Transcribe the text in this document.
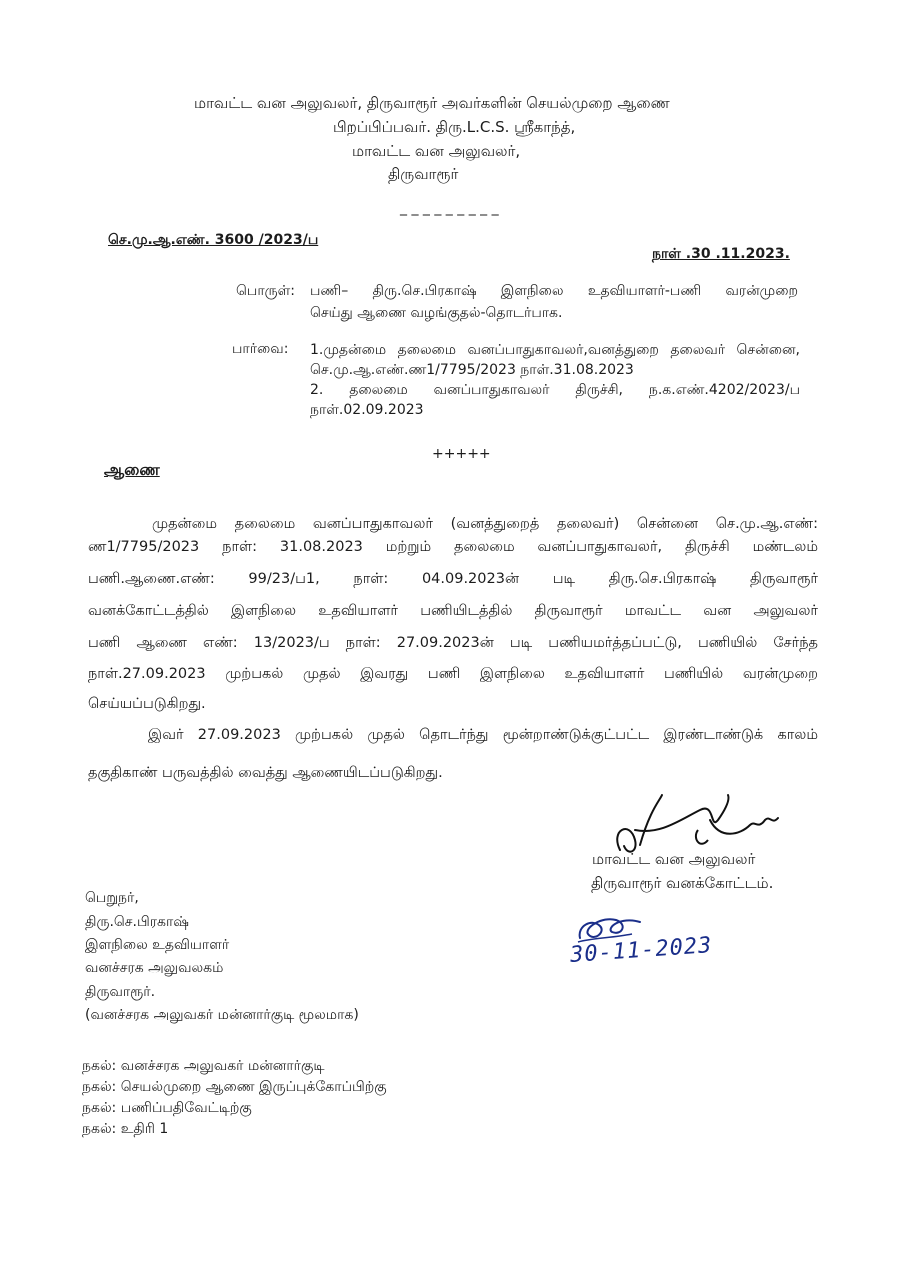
மாவட்ட வன அலுவலர், திருவாரூர் அவர்களின் செயல்முறை ஆணை
பிறப்பிப்பவர். திரு.L.C.S. ஸ்ரீகாந்த்,
மாவட்ட வன அலுவலர்,
திருவாரூர்
_ _ _ _ _ _ _ _ _
செ.மு.ஆ.எண். 3600 /2023/ப
நாள் .30 .11.2023.
பொருள்: பணி– திரு.செ.பிரகாஷ் இளநிலை உதவியாளர்-பணி வரன்முறை
செய்து ஆணை வழங்குதல்-தொடர்பாக.
பார்வை: 1.முதன்மை தலைமை வனப்பாதுகாவலர்,வனத்துறை தலைவர் சென்னை,
செ.மு.ஆ.எண்.ண1/7795/2023 நாள்.31.08.2023
2. தலைமை வனப்பாதுகாவலர் திருச்சி, ந.க.எண்.4202/2023/ப
நாள்.02.09.2023
+++++
ஆணை
முதன்மை தலைமை வனப்பாதுகாவலர் (வனத்துறைத் தலைவர்) சென்னை செ.மு.ஆ.எண்:
ண1/7795/2023 நாள்: 31.08.2023 மற்றும் தலைமை வனப்பாதுகாவலர், திருச்சி மண்டலம்
பணி.ஆணை.எண்: 99/23/ப1, நாள்: 04.09.2023ன் படி திரு.செ.பிரகாஷ் திருவாரூர்
வனக்கோட்டத்தில் இளநிலை உதவியாளர் பணியிடத்தில் திருவாரூர் மாவட்ட வன அலுவலர்
பணி ஆணை எண்: 13/2023/ப நாள்: 27.09.2023ன் படி பணியமர்த்தப்பட்டு, பணியில் சேர்ந்த
நாள்.27.09.2023 முற்பகல் முதல் இவரது பணி இளநிலை உதவியாளர் பணியில் வரன்முறை
செய்யப்படுகிறது.
இவர் 27.09.2023 முற்பகல் முதல் தொடர்ந்து மூன்றாண்டுக்குட்பட்ட இரண்டாண்டுக் காலம்
தகுதிகாண் பருவத்தில் வைத்து ஆணையிடப்படுகிறது.
மாவட்ட வன அலுவலர்
திருவாரூர் வனக்கோட்டம்.
30-11-2023
பெறுநர்,
திரு.செ.பிரகாஷ்
இளநிலை உதவியாளர்
வனச்சரக அலுவலகம்
திருவாரூர்.
(வனச்சரக அலுவகர் மன்னார்குடி மூலமாக)
நகல்: வனச்சரக அலுவகர் மன்னார்குடி
நகல்: செயல்முறை ஆணை இருப்புக்கோப்பிற்கு
நகல்: பணிப்பதிவேட்டிற்கு
நகல்: உதிரி 1
